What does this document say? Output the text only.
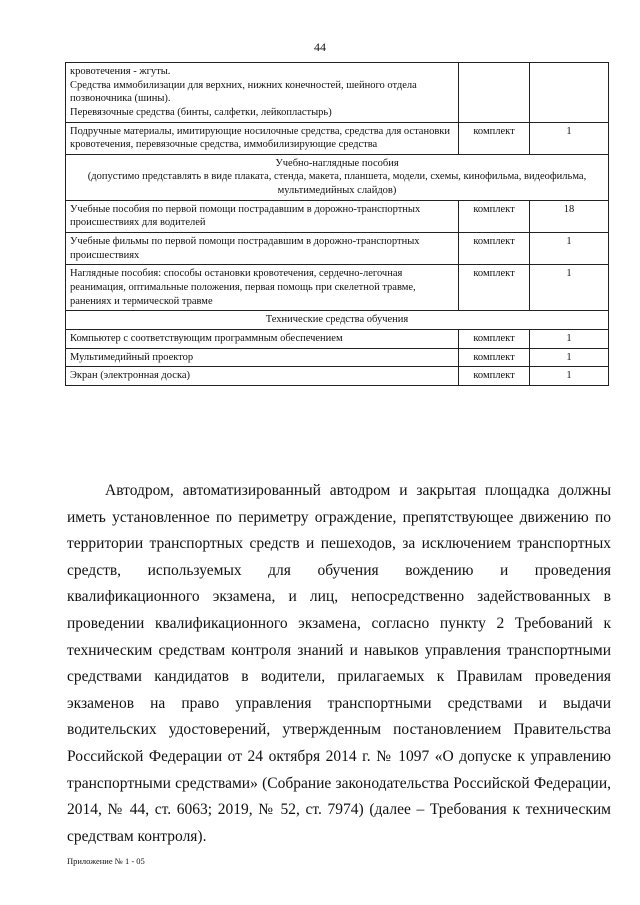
44
кровотечения - жгуты.
Средства иммобилизации для верхних, нижних конечностей, шейного отдела позвоночника (шины).
Перевязочные средства (бинты, салфетки, лейкопластырь)		
Подручные материалы, имитирующие носилочные средства, средства для остановки кровотечения, перевязочные средства, иммобилизирующие средства	комплект	1
Учебно-наглядные пособия
(допустимо представлять в виде плаката, стенда, макета, планшета, модели, схемы, кинофильма, видеофильма, мультимедийных слайдов)		
Учебные пособия по первой помощи пострадавшим в дорожно-транспортных происшествиях для водителей	комплект	18
Учебные фильмы по первой помощи пострадавшим в дорожно-транспортных происшествиях	комплект	1
Наглядные пособия: способы остановки кровотечения, сердечно-легочная реанимация, оптимальные положения, первая помощь при скелетной травме, ранениях и термической травме	комплект	1
Технические средства обучения		
Компьютер с соответствующим программным обеспечением	комплект	1
Мультимедийный проектор	комплект	1
Экран (электронная доска)	комплект	1

Автодром, автоматизированный автодром и закрытая площадка должны иметь установленное по периметру ограждение, препятствующее движению по территории транспортных средств и пешеходов, за исключением транспортных средств, используемых для обучения вождению и проведения квалификационного экзамена, и лиц, непосредственно задействованных в проведении квалификационного экзамена, согласно пункту 2 Требований к техническим средствам контроля знаний и навыков управления транспортными средствами кандидатов в водители, прилагаемых к Правилам проведения экзаменов на право управления транспортными средствами и выдачи водительских удостоверений, утвержденным постановлением Правительства Российской Федерации от 24 октября 2014 г. № 1097 «О допуске к управлению транспортными средствами» (Собрание законодательства Российской Федерации, 2014, № 44, ст. 6063; 2019, № 52, ст. 7974) (далее – Требования к техническим средствам контроля).

Приложение № 1 - 05
